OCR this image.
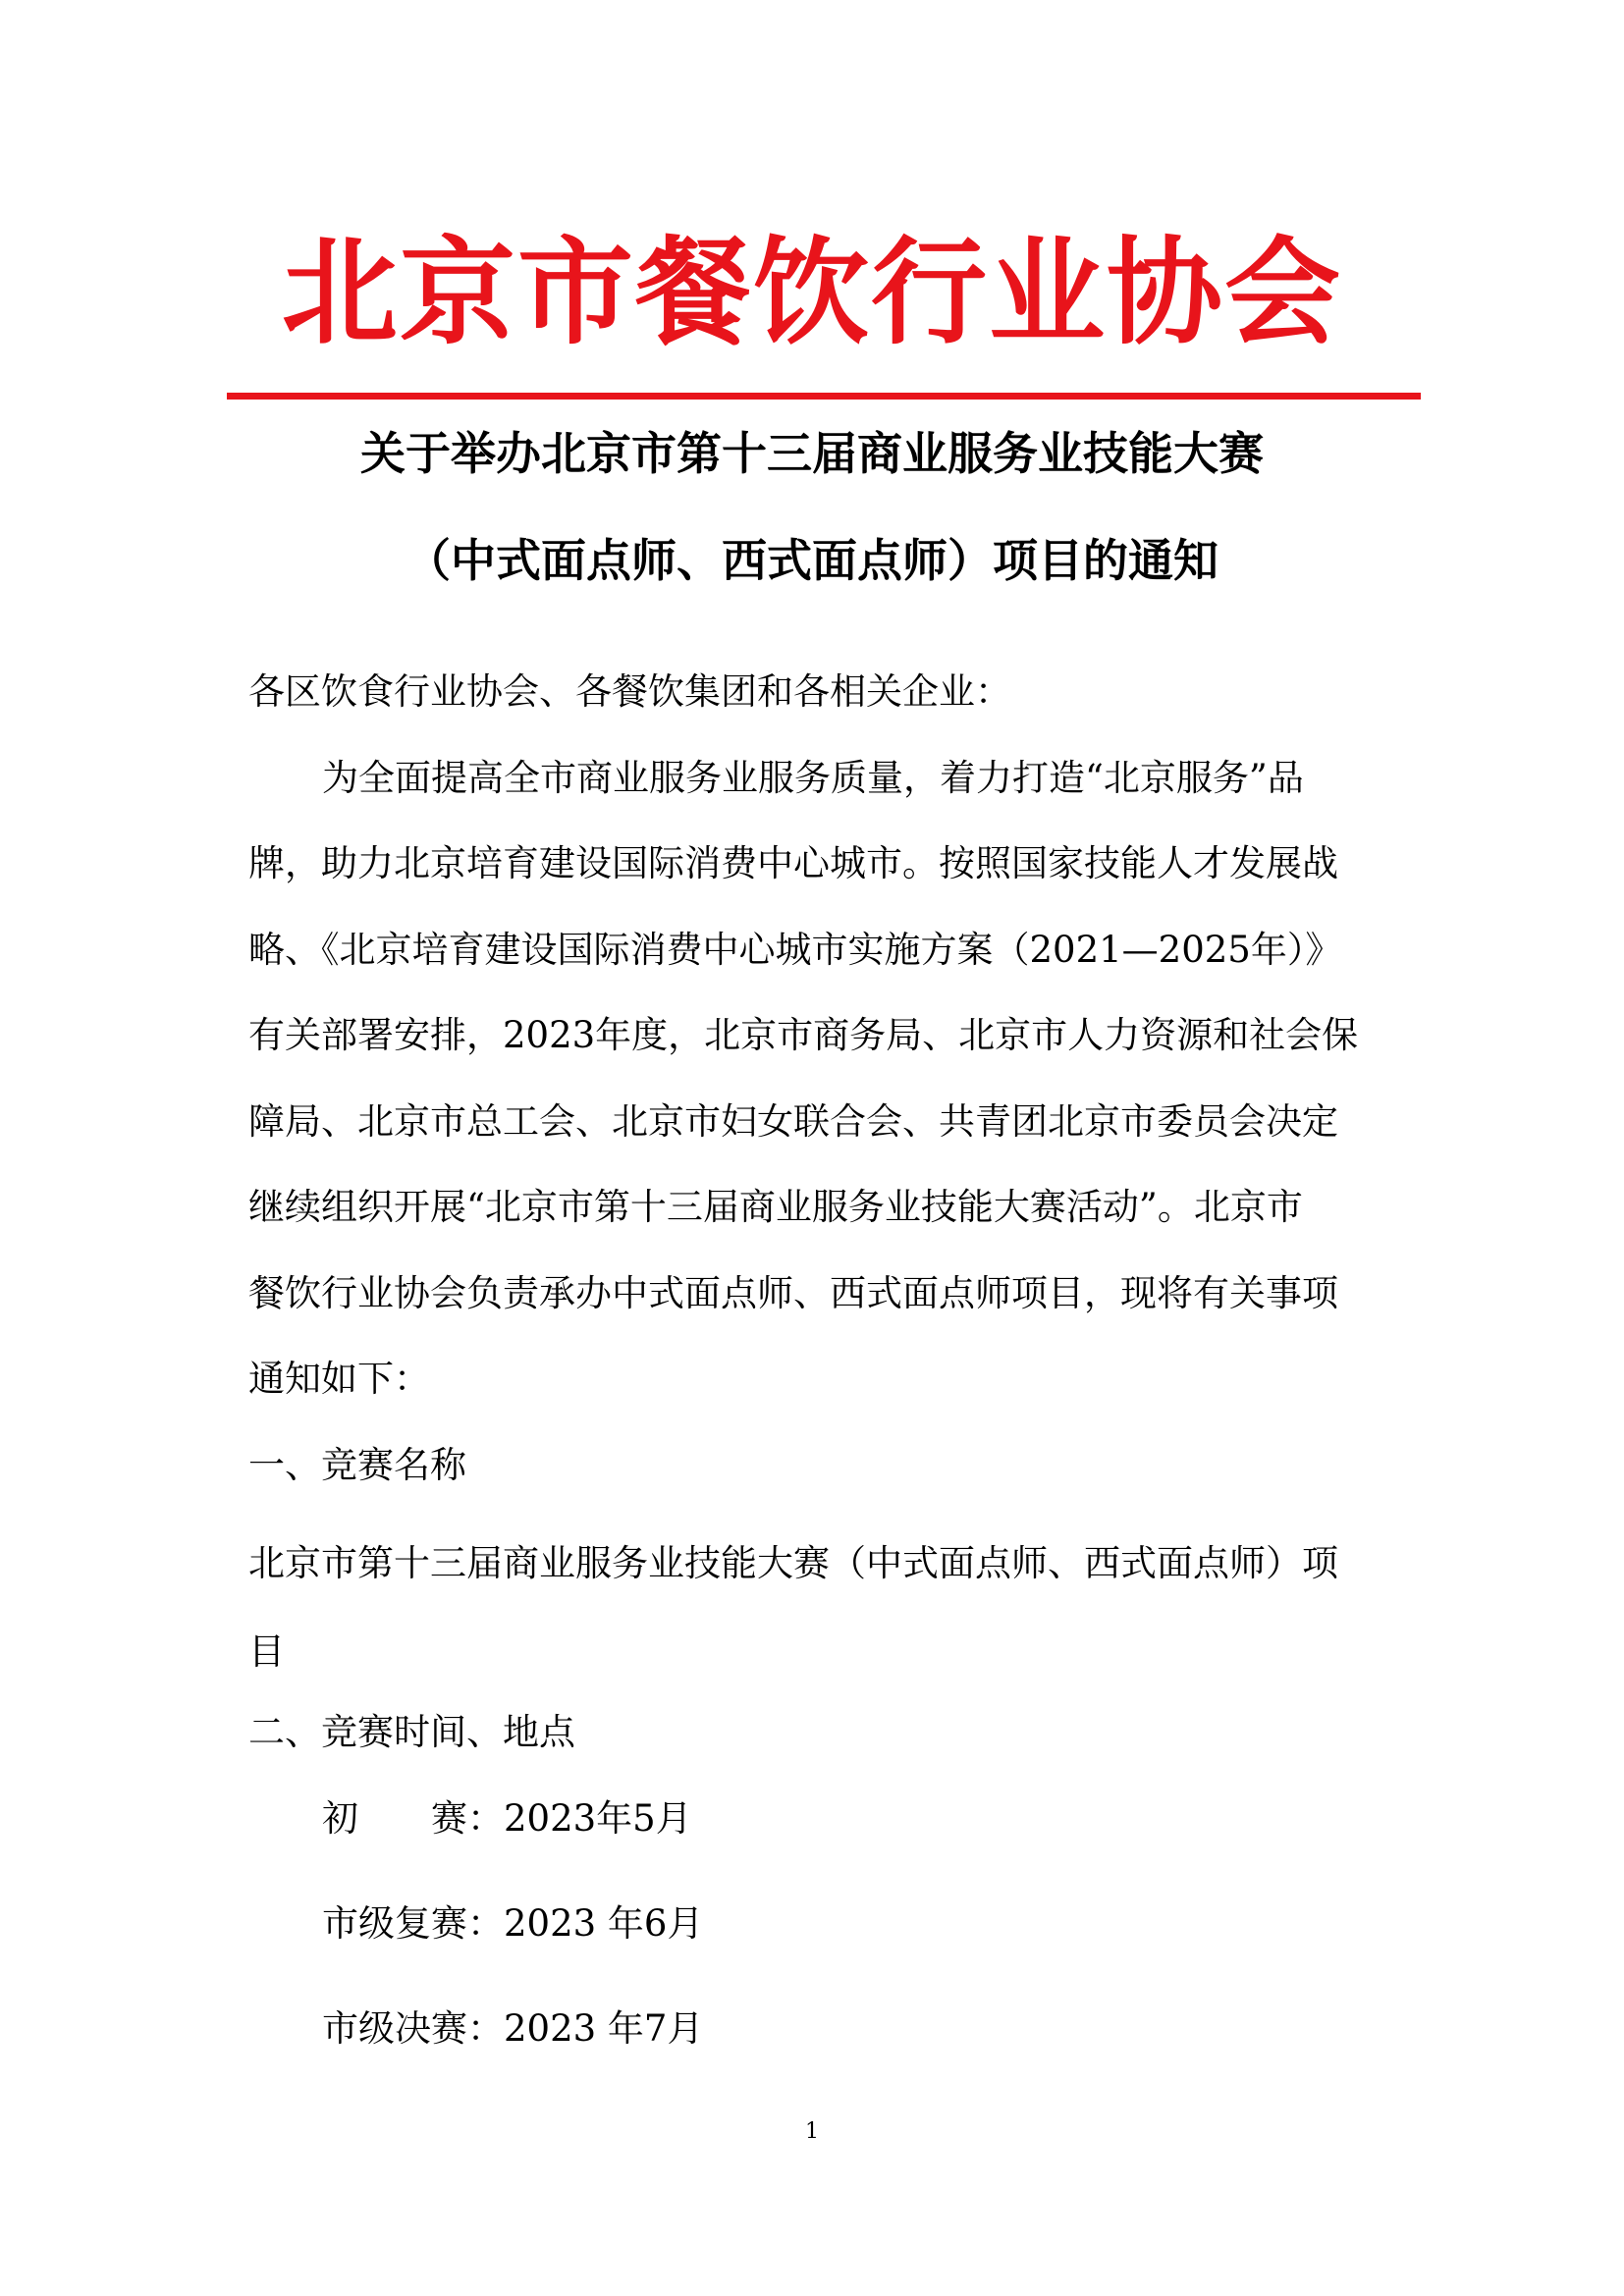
北京市餐饮行业协会
关于举办北京市第十三届商业服务业技能大赛
（中式面点师、西式面点师）项目的通知
各区饮食行业协会、各餐饮集团和各相关企业：
为全面提高全市商业服务业服务质量，着力打造“北京服务”品
牌，助力北京培育建设国际消费中心城市。按照国家技能人才发展战
略、《北京培育建设国际消费中心城市实施方案（2021—2025年）》
有关部署安排，2023年度，北京市商务局、北京市人力资源和社会保
障局、北京市总工会、北京市妇女联合会、共青团北京市委员会决定
继续组织开展“北京市第十三届商业服务业技能大赛活动”。北京市
餐饮行业协会负责承办中式面点师、西式面点师项目，现将有关事项
通知如下：
一、竞赛名称
北京市第十三届商业服务业技能大赛（中式面点师、西式面点师）项
目
二、竞赛时间、地点
初　　赛：2023年5月
市级复赛：2023 年6月
市级决赛：2023 年7月
1
